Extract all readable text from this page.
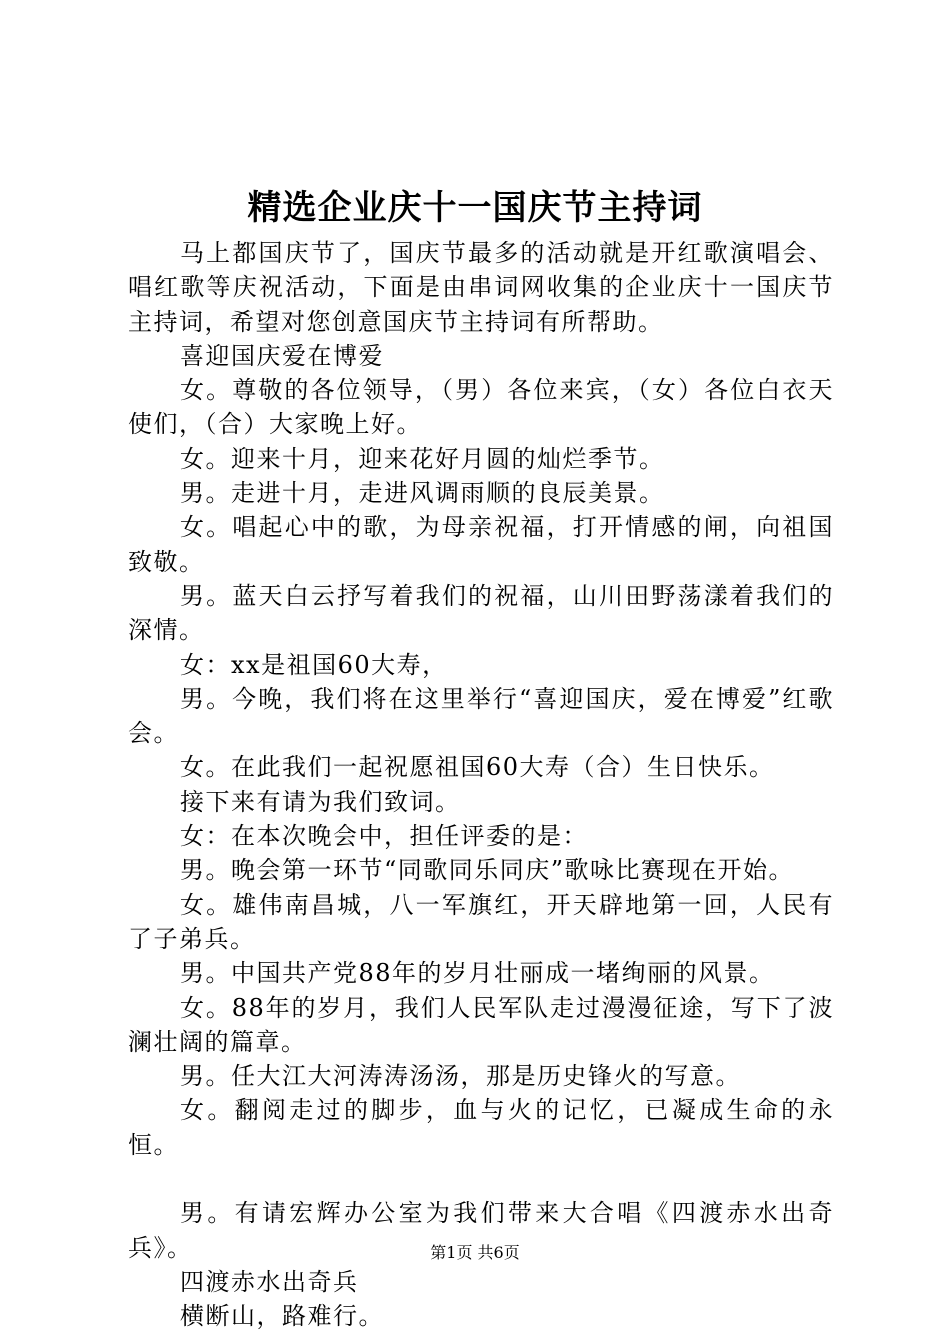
精选企业庆十一国庆节主持词

马上都国庆节了，国庆节最多的活动就是开红歌演唱会、唱红歌等庆祝活动，下面是由串词网收集的企业庆十一国庆节主持词，希望对您创意国庆节主持词有所帮助。

喜迎国庆爱在博爱

女。尊敬的各位领导，（男）各位来宾，（女）各位白衣天使们，（合）大家晚上好。

女。迎来十月，迎来花好月圆的灿烂季节。

男。走进十月，走进风调雨顺的良辰美景。

女。唱起心中的歌，为母亲祝福，打开情感的闸，向祖国致敬。

男。蓝天白云抒写着我们的祝福，山川田野荡漾着我们的深情。

女：xx是祖国60大寿，

男。今晚，我们将在这里举行“喜迎国庆，爱在博爱”红歌会。

女。在此我们一起祝愿祖国60大寿（合）生日快乐。

接下来有请为我们致词。

女：在本次晚会中，担任评委的是：

男。晚会第一环节“同歌同乐同庆”歌咏比赛现在开始。

女。雄伟南昌城，八一军旗红，开天辟地第一回，人民有了子弟兵。

男。中国共产党88年的岁月壮丽成一堵绚丽的风景。

女。88年的岁月，我们人民军队走过漫漫征途，写下了波澜壮阔的篇章。

男。任大江大河涛涛汤汤，那是历史锋火的写意。

女。翻阅走过的脚步，血与火的记忆，已凝成生命的永恒。

男。有请宏辉办公室为我们带来大合唱《四渡赤水出奇兵》。

四渡赤水出奇兵

横断山，路难行。

第1页 共6页
